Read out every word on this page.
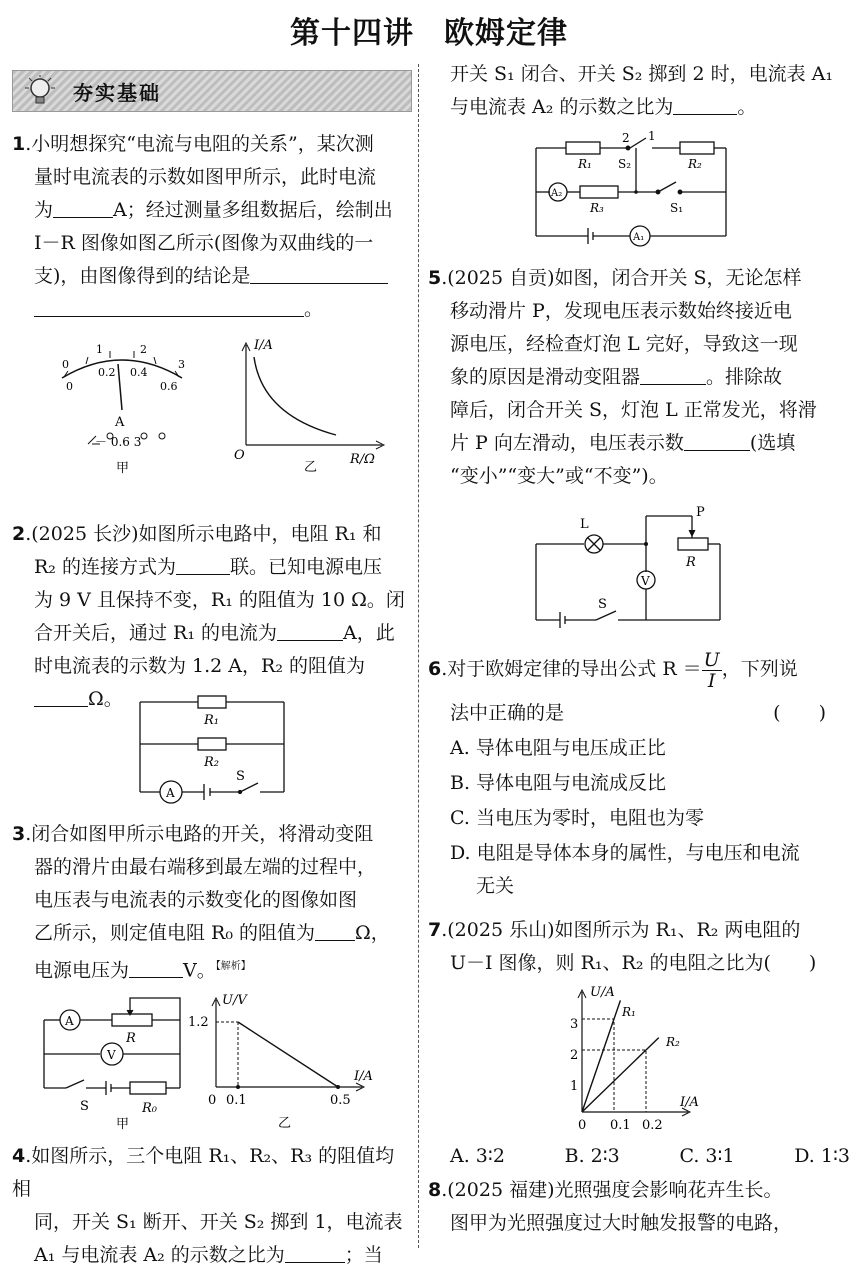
第十四讲 欧姆定律
夯实基础

1.小明想探究“电流与电阻的关系”，某次测

量时电流表的示数如图甲所示，此时电流

为	A；经过测量多组数据后，绘制出

I－R 图像如图乙所示(图像为双曲线的一

支)，由图像得到的结论是

。

0
1	2
3
0
0.2 0.4
0.6
A
－ 0.6 3
甲
I/A
R/Ω
O
乙

2.(2025 长沙)如图所示电路中，电阻 R₁ 和

R₂ 的连接方式为	联。已知电源电压

为 9 V 且保持不变，R₁ 的阻值为 10 Ω。闭

合开关后，通过 R₁ 的电流为	A，此

时电流表的示数为 1.2 A，R₂ 的阻值为

Ω。

R₁
R₂
A
S

3.闭合如图甲所示电路的开关，将滑动变阻

器的滑片由最右端移到最左端的过程中，

电压表与电流表的示数变化的图像如图

乙所示，则定值电阻 R₀ 的阻值为 Ω，

电源电压为	V。$^{【解析】}$

A
V
R
R₀
S
甲
U/V
I/A
1.2
0 0.1	0.5
乙

4.如图所示，三个电阻 R₁、R₂、R₃ 的阻值均相

同，开关 S₁ 断开、开关 S₂ 掷到 1，电流表

A₁ 与电流表 A₂ 的示数之比为	；当

开关 S₁ 闭合、开关 S₂ 掷到 2 时，电流表 A₁

与电流表 A₂ 的示数之比为	。

2 1
R₁	R₂
R₃
S₂
S₁
A₂
A₁

5.(2025 自贡)如图，闭合开关 S，无论怎样

移动滑片 P，发现电压表示数始终接近电

源电压，经检查灯泡 L 完好，导致这一现

象的原因是滑动变阻器	。排除故

障后，闭合开关 S，灯泡 L 正常发光，将滑

片 P 向左滑动，电压表示数	(选填

“变小”“变大”或“不变”)。

L
P
R
V
S

6.对于欧姆定律的导出公式 $R = \frac{U}{I}$ ，下列说

法中正确的是	(　　)

A. 导体电阻与电压成正比

B. 导体电阻与电流成反比

C. 当电压为零时，电阻也为零

D. 电阻是导体本身的属性，与电压和电流

无关

7.(2025 乐山)如图所示为 R₁、R₂ 两电阻的

U－I 图像，则 R₁、R₂ 的电阻之比为(　　)

U/A
I/A
1
2
3
0 0.1 0.2
R₁
R₂
A. 3∶2	B. 2∶3	C. 3∶1	D. 1∶3

8.(2025 福建)光照强度会影响花卉生长。

图甲为光照强度过大时触发报警的电路，
